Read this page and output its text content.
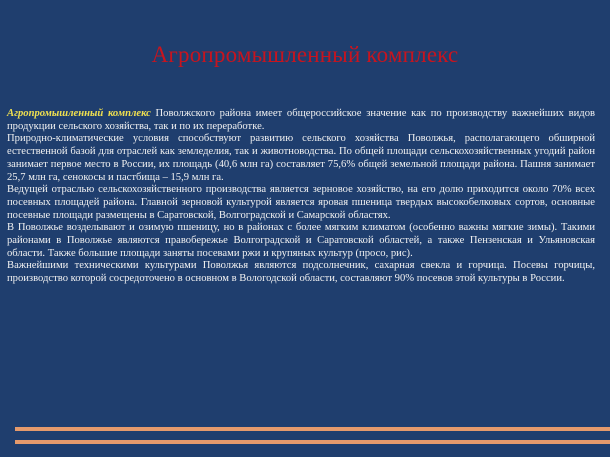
Агропромышленный комплекс

Агропромышленный комплекс Поволжского района имеет общероссийское значение как по производству важнейших видов продукции сельского хозяйства, так и по их переработке.

Природно-климатические условия способствуют развитию сельского хозяйства Поволжья, располагающего обширной естественной базой для отраслей как земледелия, так и животноводства. По общей площади сельскохозяйственных угодий район занимает первое место в России, их площадь (40,6 млн га) составляет 75,6% общей земельной площади района. Пашня занимает 25,7 млн га, сенокосы и пастбища – 15,9 млн га.

Ведущей отраслью сельскохозяйственного производства является зерновое хозяйство, на его долю приходится около 70% всех посевных площадей района. Главной зерновой культурой является яровая пшеница твердых высокобелковых сортов, основные посевные площади размещены в Саратовской, Волгоградской и Самарской областях.

В Поволжье возделывают и озимую пшеницу, но в районах с более мягким климатом (особенно важны мягкие зимы). Такими районами в Поволжье являются правобережье Волгоградской и Саратовской областей, а также Пензенская и Ульяновская области. Также большие площади заняты посевами ржи и крупяных культур (просо, рис).

Важнейшими техническими культурами Поволжья являются подсолнечник, сахарная свекла и горчица. Посевы горчицы, производство которой сосредоточено в основном в Вологодской области, составляют 90% посевов этой культуры в России.
